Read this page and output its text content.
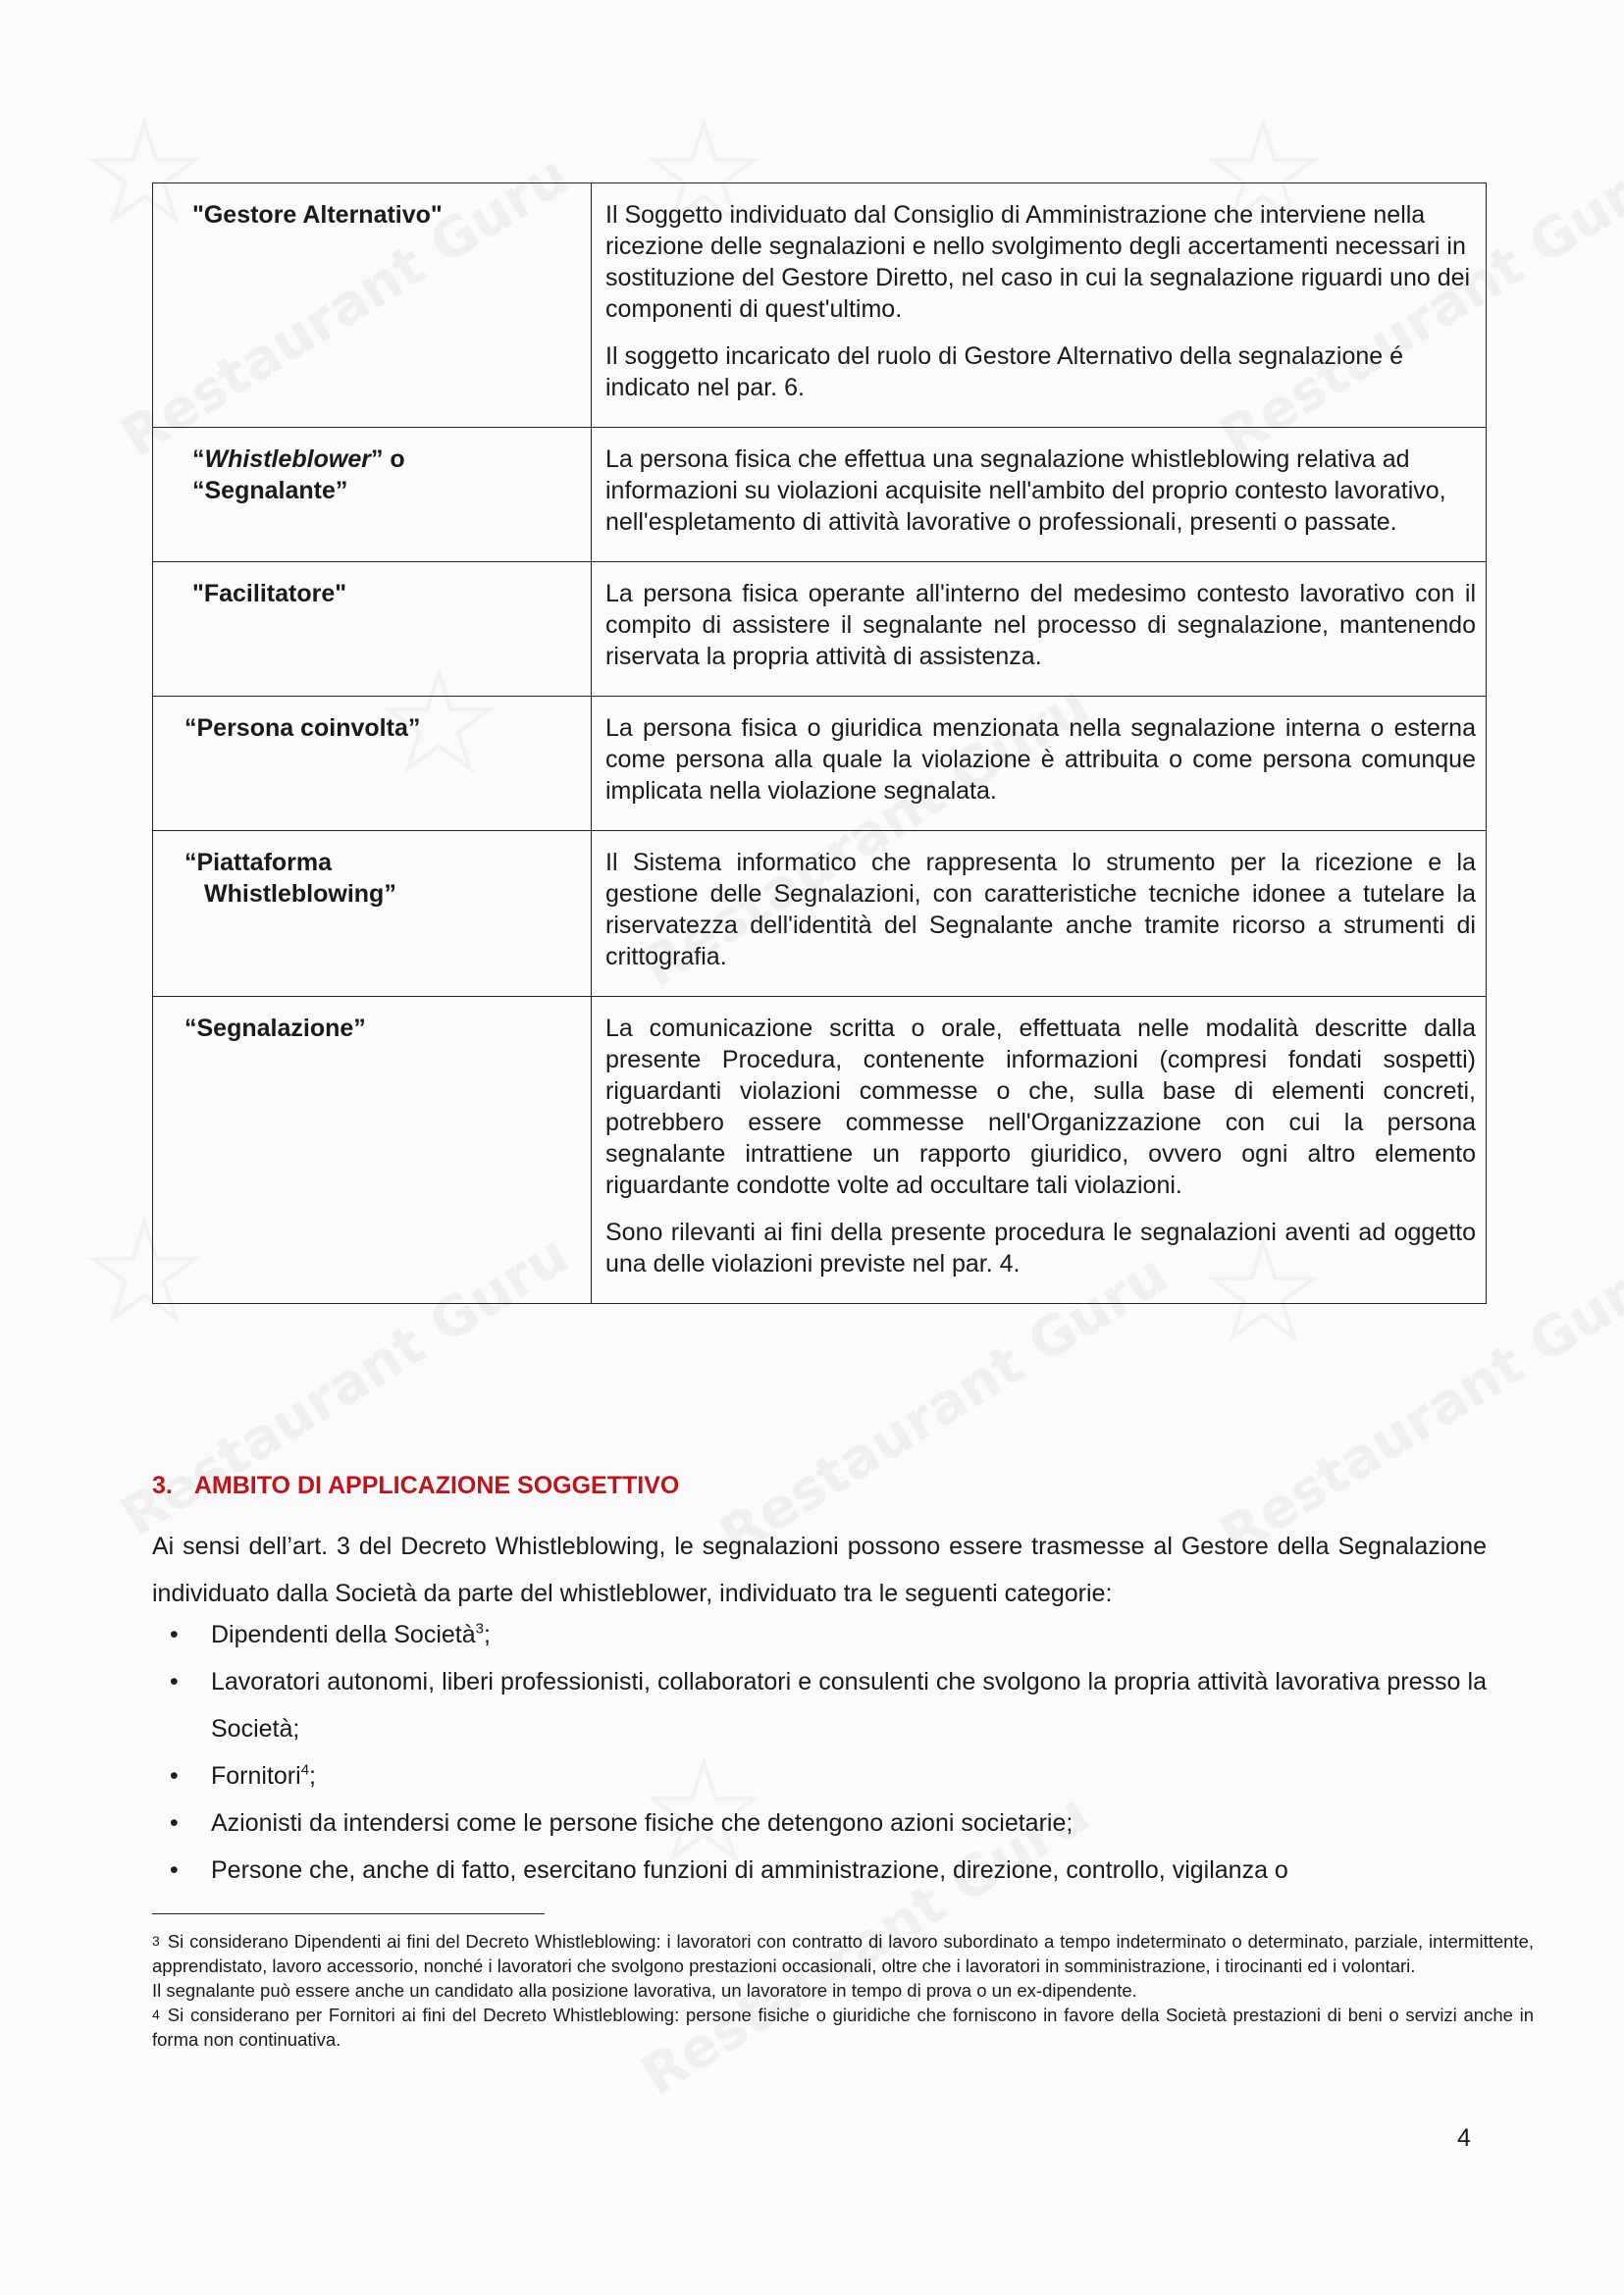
"Gestore Alternativo"	Il Soggetto individuato dal Consiglio di Amministrazione che interviene nella ricezione delle segnalazioni e nello svolgimento degli accertamenti necessari in sostituzione del Gestore Diretto, nel caso in cui la segnalazione riguardi uno dei componenti di quest'ultimo.

Il soggetto incaricato del ruolo di Gestore Alternativo della segnalazione é indicato nel par. 6.

“Whistleblower” o
“Segnalante”	La persona fisica che effettua una segnalazione whistleblowing relativa ad informazioni su violazioni acquisite nell'ambito del proprio contesto lavorativo, nell'espletamento di attività lavorative o professionali, presenti o passate.

"Facilitatore"	La persona fisica operante all'interno del medesimo contesto lavorativo con il compito di assistere il segnalante nel processo di segnalazione, mantenendo riservata la propria attività di assistenza.

“Persona coinvolta”	La persona fisica o giuridica menzionata nella segnalazione interna o esterna come persona alla quale la violazione è attribuita o come persona comunque implicata nella violazione segnalata.

“Piattaforma
Whistleblowing”	Il Sistema informatico che rappresenta lo strumento per la ricezione e la gestione delle Segnalazioni, con caratteristiche tecniche idonee a tutelare la riservatezza dell'identità del Segnalante anche tramite ricorso a strumenti di crittografia.

“Segnalazione”	La comunicazione scritta o orale, effettuata nelle modalità descritte dalla presente Procedura, contenente informazioni (compresi fondati sospetti) riguardanti violazioni commesse o che, sulla base di elementi concreti, potrebbero essere commesse nell'Organizzazione con cui la persona segnalante intrattiene un rapporto giuridico, ovvero ogni altro elemento riguardante condotte volte ad occultare tali violazioni.

Sono rilevanti ai fini della presente procedura le segnalazioni aventi ad oggetto una delle violazioni previste nel par. 4.

3. AMBITO DI APPLICAZIONE SOGGETTIVO

Ai sensi dell’art. 3 del Decreto Whistleblowing, le segnalazioni possono essere trasmesse al Gestore della Segnalazione individuato dalla Società da parte del whistleblower, individuato tra le seguenti categorie:

• Dipendenti della Società$^3$;
• Lavoratori autonomi, liberi professionisti, collaboratori e consulenti che svolgono la propria attività lavorativa presso la Società;
• Fornitori$^4$;
• Azionisti da intendersi come le persone fisiche che detengono azioni societarie;
• Persone che, anche di fatto, esercitano funzioni di amministrazione, direzione, controllo, vigilanza o

$^3$ Si considerano Dipendenti ai fini del Decreto Whistleblowing: i lavoratori con contratto di lavoro subordinato a tempo indeterminato o determinato, parziale, intermittente, apprendistato, lavoro accessorio, nonché i lavoratori che svolgono prestazioni occasionali, oltre che i lavoratori in somministrazione, i tirocinanti ed i volontari.

Il segnalante può essere anche un candidato alla posizione lavorativa, un lavoratore in tempo di prova o un ex-dipendente.

$^4$ Si considerano per Fornitori ai fini del Decreto Whistleblowing: persone fisiche o giuridiche che forniscono in favore della Società prestazioni di beni o servizi anche in forma non continuativa.

4
